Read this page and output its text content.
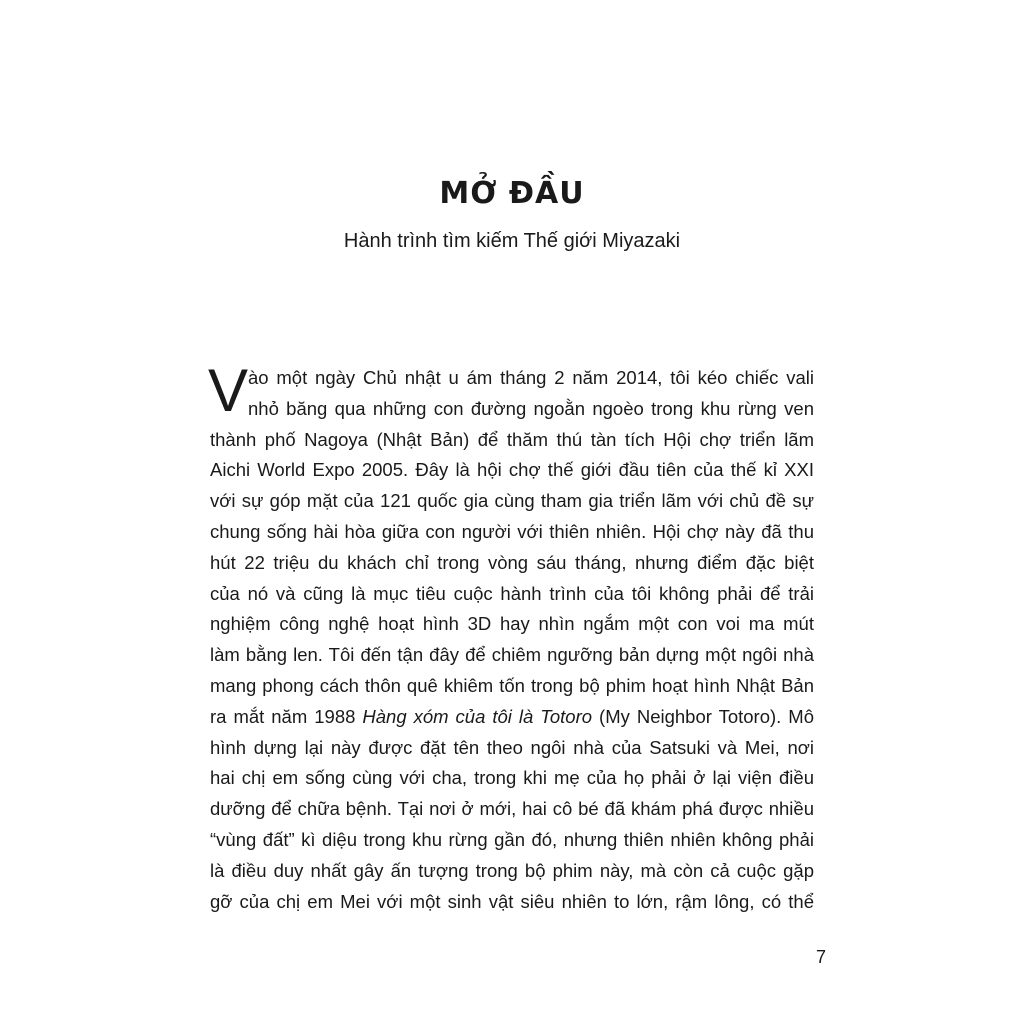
MỞ ĐẦU
Hành trình tìm kiếm Thế giới Miyazaki
V ào một ngày Chủ nhật u ám tháng 2 năm 2014, tôi kéo chiếc vali
nhỏ băng qua những con đường ngoằn ngoèo trong khu rừng ven
thành phố Nagoya (Nhật Bản) để thăm thú tàn tích Hội chợ triển lãm
Aichi World Expo 2005. Đây là hội chợ thế giới đầu tiên của thế kỉ XXI
với sự góp mặt của 121 quốc gia cùng tham gia triển lãm với chủ đề sự
chung sống hài hòa giữa con người với thiên nhiên. Hội chợ này đã thu
hút 22 triệu du khách chỉ trong vòng sáu tháng, nhưng điểm đặc biệt
của nó và cũng là mục tiêu cuộc hành trình của tôi không phải để trải
nghiệm công nghệ hoạt hình 3D hay nhìn ngắm một con voi ma mút
làm bằng len. Tôi đến tận đây để chiêm ngưỡng bản dựng một ngôi nhà
mang phong cách thôn quê khiêm tốn trong bộ phim hoạt hình Nhật Bản
ra mắt năm 1988 Hàng xóm của tôi là Totoro (My Neighbor Totoro). Mô
hình dựng lại này được đặt tên theo ngôi nhà của Satsuki và Mei, nơi
hai chị em sống cùng với cha, trong khi mẹ của họ phải ở lại viện điều
dưỡng để chữa bệnh. Tại nơi ở mới, hai cô bé đã khám phá được nhiều
“vùng đất” kì diệu trong khu rừng gần đó, nhưng thiên nhiên không phải
là điều duy nhất gây ấn tượng trong bộ phim này, mà còn cả cuộc gặp
gỡ của chị em Mei với một sinh vật siêu nhiên to lớn, rậm lông, có thể
7
